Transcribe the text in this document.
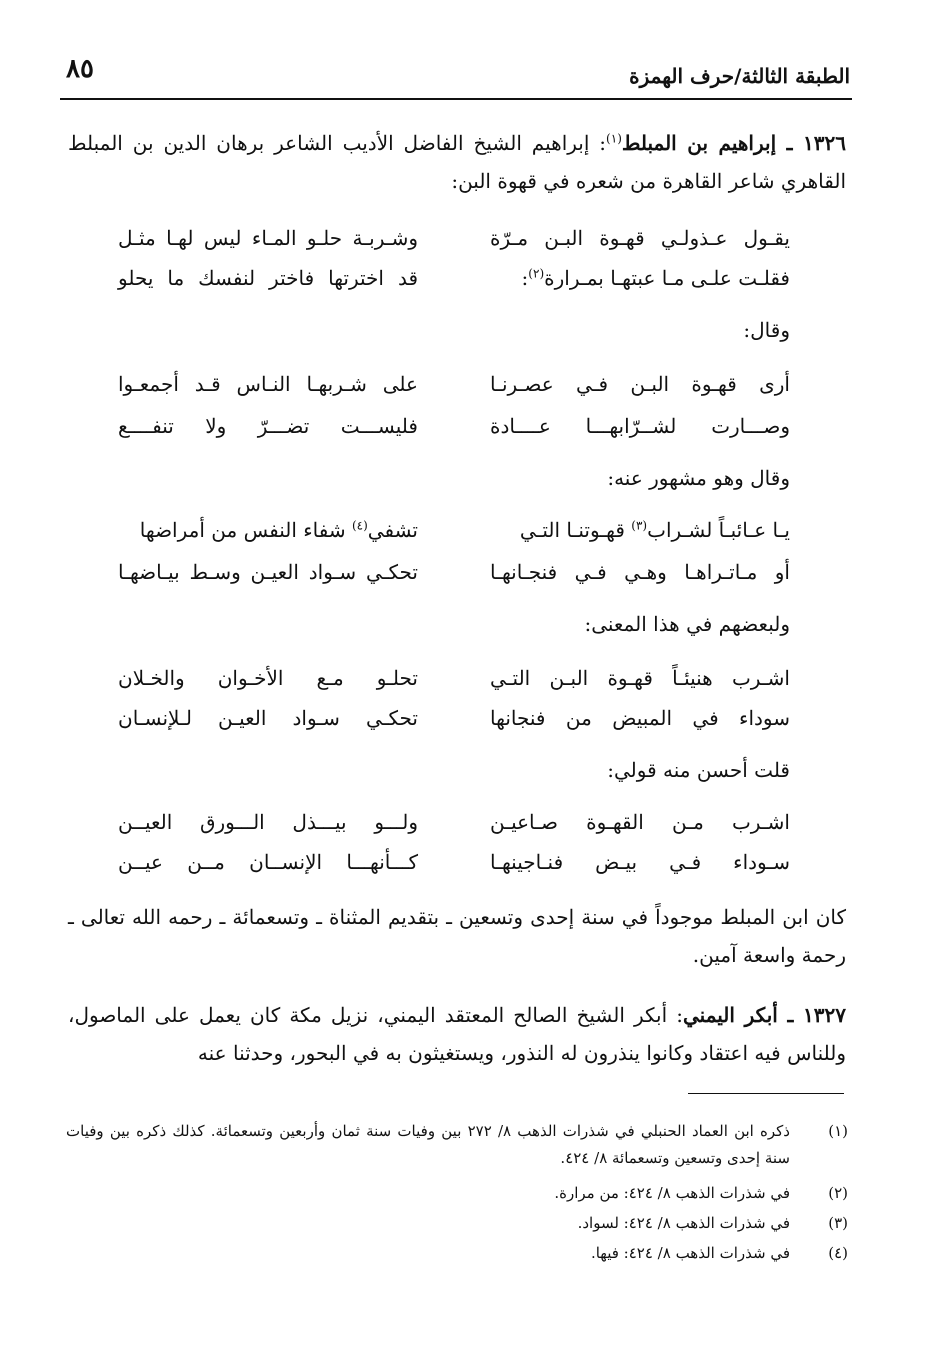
الطبقة الثالثة/حرف الهمزة
٨٥
١٣٢٦ ـ إبراهيم بن المبلط$^{(١)}$: إبراهيم الشيخ الفاضل الأديب الشاعر برهان الدين بن المبلط القاهري شاعر القاهرة من شعره في قهوة البن:
يقـول عـذولـي قهـوة البـن مـرّة
وشـربـة حلـو المـاء ليس لهـا مثـل
فقلـت علـى مـا عبتهـا بمـرارة$^{(٢)}$:
قد اخترتها فاختر لنفسك ما يحلو
وقال:
أرى قهـوة البـن فـي عصـرنـا
على شـربهـا النـاس قـد أجمعـوا
وصـــارت لشــرّابهـــا عــــادة
فليســـت تضـــرّ ولا تنفــــع
وقال وهو مشهور عنه:
يـا عـائبـاً لشـراب$^{(٣)}$ قهـوتنـا التـي
تشفي$^{(٤)}$ شفاء النفس من أمراضها
أو مـاتـراهـا وهـي فـي فنجـانهـا
تحكـي سـواد العيـن وسـط بيـاضهـا
ولبعضهم في هذا المعنى:
اشـرب هنيئـاً قهـوة البـن التـي
تحلـو مـع الأخـوان والخـلان
سوداء في المبيض من فنجانها
تحكـي سـواد العيـن لـلإنسـان
قلت أحسن منه قولي:
اشـرب مـن القهـوة صـاعيـن
ولـــو بيـــذل الـــورق العيــن
سـوداء فـي بيـض فنـاجينهـا
كـــأنهـــا الإنســان مــن عيــن
كان ابن المبلط موجوداً في سنة إحدى وتسعين ـ بتقديم المثناة ـ وتسعمائة ـ رحمه الله تعالى ـ رحمة واسعة آمين.
١٣٢٧ ـ أبكر اليمني: أبكر الشيخ الصالح المعتقد اليمني، نزيل مكة كان يعمل على الماصول، وللناس فيه اعتقاد وكانوا ينذرون له النذور، ويستغيثون به في البحور، وحدثنا عنه
(١)
ذكره ابن العماد الحنبلي في شذرات الذهب ٨/ ٢٧٢ بين وفيات سنة ثمان وأربعين وتسعمائة. كذلك ذكره بين وفيات سنة إحدى وتسعين وتسعمائة ٨/ ٤٢٤.
(٢)
في شذرات الذهب ٨/ ٤٢٤: من مرارة.
(٣)
في شذرات الذهب ٨/ ٤٢٤: لسواد.
(٤)
في شذرات الذهب ٨/ ٤٢٤: فيها.
